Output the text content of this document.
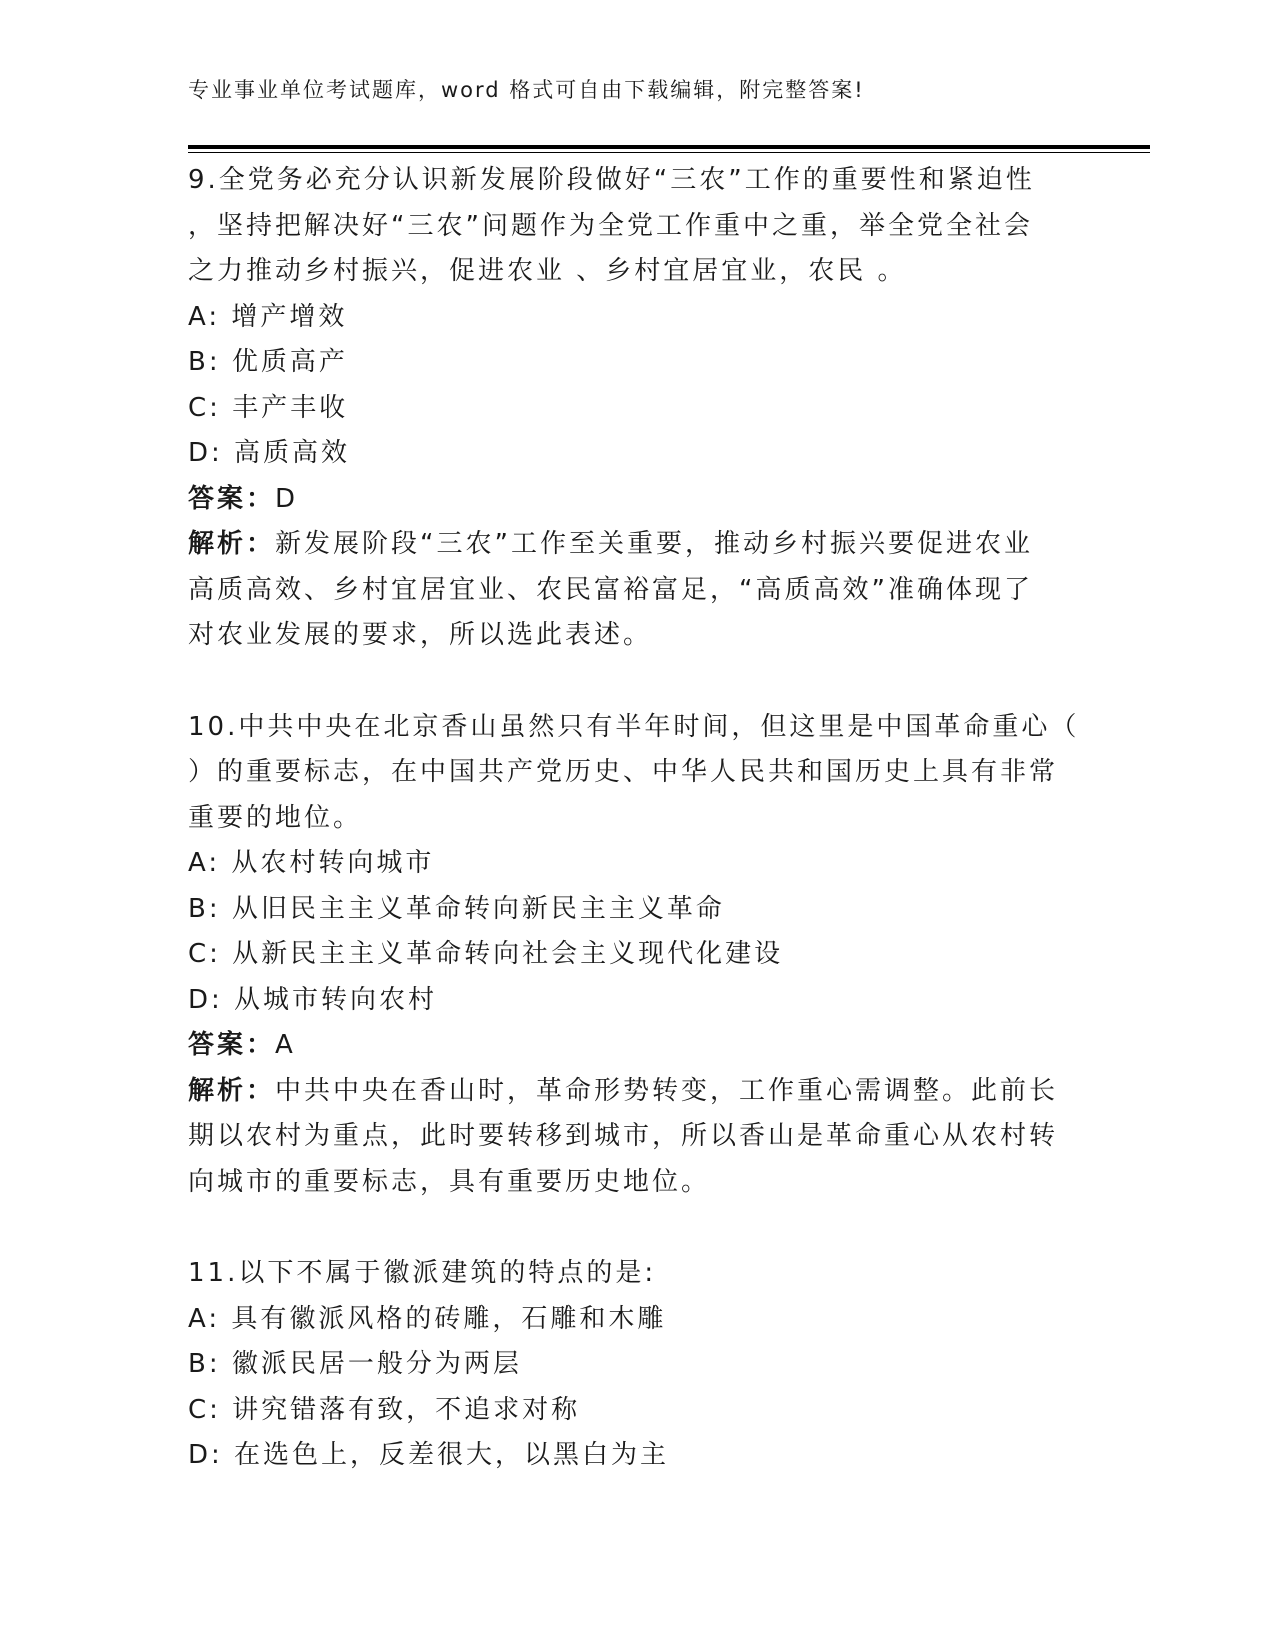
专业事业单位考试题库，word 格式可自由下载编辑，附完整答案!
9.全党务必充分认识新发展阶段做好“三农”工作的重要性和紧迫性
，坚持把解决好“三农”问题作为全党工作重中之重，举全党全社会
之力推动乡村振兴，促进农业 、乡村宜居宜业，农民 。
A: 增产增效
B: 优质高产
C: 丰产丰收
D: 高质高效
答案：D
解析：新发展阶段“三农”工作至关重要，推动乡村振兴要促进农业
高质高效、乡村宜居宜业、农民富裕富足，“高质高效”准确体现了
对农业发展的要求，所以选此表述。
10.中共中央在北京香山虽然只有半年时间，但这里是中国革命重心（
）的重要标志，在中国共产党历史、中华人民共和国历史上具有非常
重要的地位。
A: 从农村转向城市
B: 从旧民主主义革命转向新民主主义革命
C: 从新民主主义革命转向社会主义现代化建设
D: 从城市转向农村
答案：A
解析：中共中央在香山时，革命形势转变，工作重心需调整。此前长
期以农村为重点，此时要转移到城市，所以香山是革命重心从农村转
向城市的重要标志，具有重要历史地位。
11.以下不属于徽派建筑的特点的是:
A: 具有徽派风格的砖雕，石雕和木雕
B: 徽派民居一般分为两层
C: 讲究错落有致，不追求对称
D: 在选色上，反差很大，以黑白为主
